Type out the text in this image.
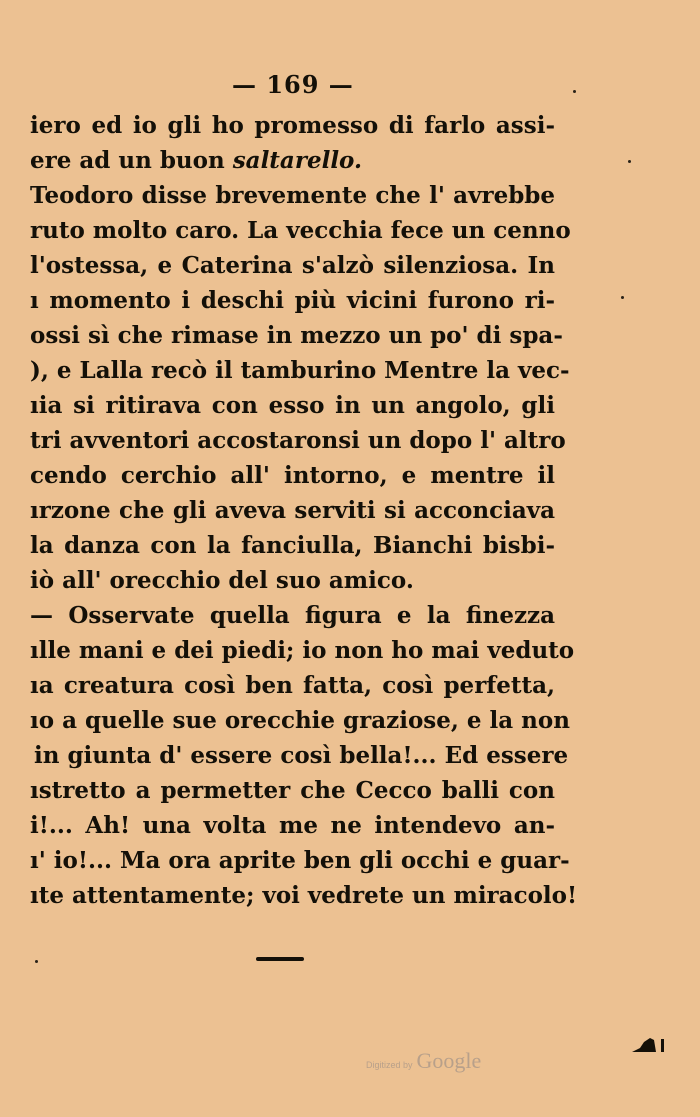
— 169 —
iero ed io gli ho promesso di farlo assi-
ere ad un buon saltarello.
Teodoro disse brevemente che l' avrebbe
ruto molto caro. La vecchia fece un cenno
l'ostessa, e Caterina s'alzò silenziosa. In
ı momento i deschi più vicini furono ri-
ossi sì che rimase in mezzo un po' di spa-
), e Lalla recò il tamburino Mentre la vec-
ıia si ritirava con esso in un angolo, gli
tri avventori accostaronsi un dopo l' altro
cendo cerchio all' intorno, e mentre il
ırzone che gli aveva serviti si acconciava
la danza con la fanciulla, Bianchi bisbi-
iò all' orecchio del suo amico.
— Osservate quella figura e la finezza
ılle mani e dei piedi; io non ho mai veduto
ıa creatura così ben fatta, così perfetta,
ıo a quelle sue orecchie graziose, e la non
in giunta d' essere così bella!... Ed essere
ıstretto a permetter che Cecco balli con
i!... Ah! una volta me ne intendevo an-
ı' io!... Ma ora aprite ben gli occhi e guar-
ıte attentamente; voi vedrete un miracolo!
Digitized by Google
